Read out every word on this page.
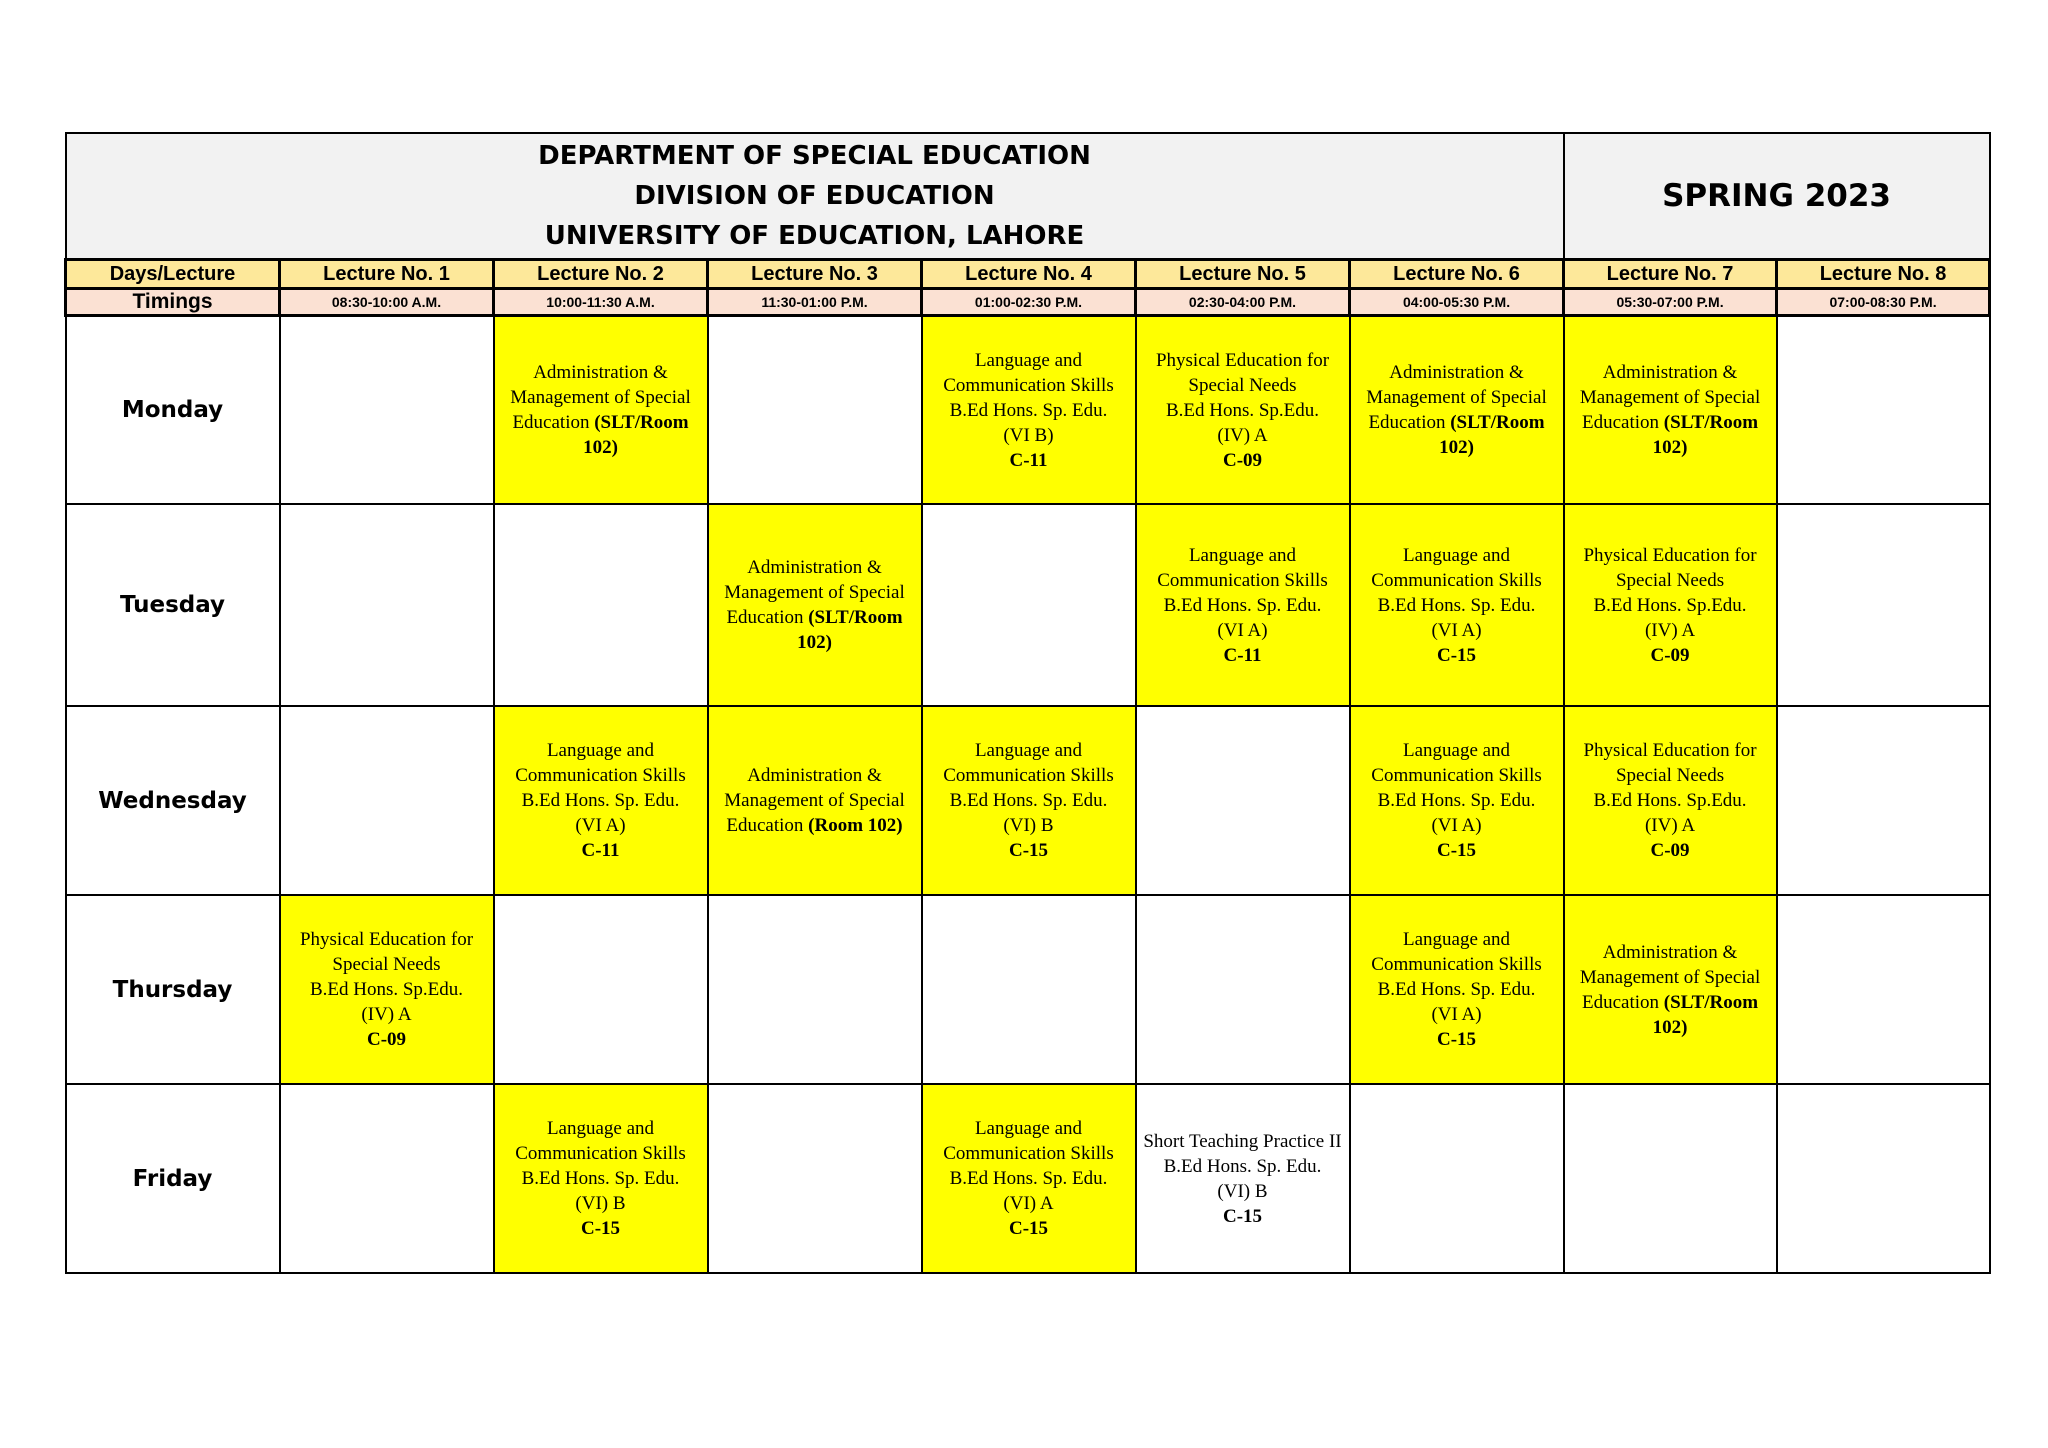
DEPARTMENT OF SPECIAL EDUCATION
DIVISION OF EDUCATION
UNIVERSITY OF EDUCATION, LAHORE							SPRING 2023	
Days/Lecture	Lecture No. 1	Lecture No. 2	Lecture No. 3	Lecture No. 4	Lecture No. 5	Lecture No. 6	Lecture No. 7	Lecture No. 8
Timings	08:30-10:00 A.M.	10:00-11:30 A.M.	11:30-01:00 P.M.	01:00-02:30 P.M.	02:30-04:00 P.M.	04:00-05:30 P.M.	05:30-07:00 P.M.	07:00-08:30 P.M.
Monday		Administration &
Management of Special
Education (SLT/Room
102)		Language and
Communication Skills
B.Ed Hons. Sp. Edu.
(VI B)
C-11	Physical Education for
Special Needs
B.Ed Hons. Sp.Edu.
(IV) A
C-09	Administration &
Management of Special
Education (SLT/Room
102)	Administration &
Management of Special
Education (SLT/Room
102)	

Tuesday			Administration &
Management of Special
Education (SLT/Room
102)		Language and
Communication Skills
B.Ed Hons. Sp. Edu.
(VI A)
C-11	Language and
Communication Skills
B.Ed Hons. Sp. Edu.
(VI A)
C-15	Physical Education for
Special Needs
B.Ed Hons. Sp.Edu.
(IV) A
C-09	

Wednesday		Language and
Communication Skills
B.Ed Hons. Sp. Edu.
(VI A)
C-11	Administration &
Management of Special
Education (Room 102)	Language and
Communication Skills
B.Ed Hons. Sp. Edu.
(VI) B
C-15		Language and
Communication Skills
B.Ed Hons. Sp. Edu.
(VI A)
C-15	Physical Education for
Special Needs
B.Ed Hons. Sp.Edu.
(IV) A
C-09	

Thursday	Physical Education for
Special Needs
B.Ed Hons. Sp.Edu.
(IV) A
C-09					Language and
Communication Skills
B.Ed Hons. Sp. Edu.
(VI A)
C-15	Administration &
Management of Special
Education (SLT/Room
102)	

Friday		Language and
Communication Skills
B.Ed Hons. Sp. Edu.
(VI) B
C-15		Language and
Communication Skills
B.Ed Hons. Sp. Edu.
(VI) A
C-15	Short Teaching Practice II
B.Ed Hons. Sp. Edu.
(VI) B
C-15			
